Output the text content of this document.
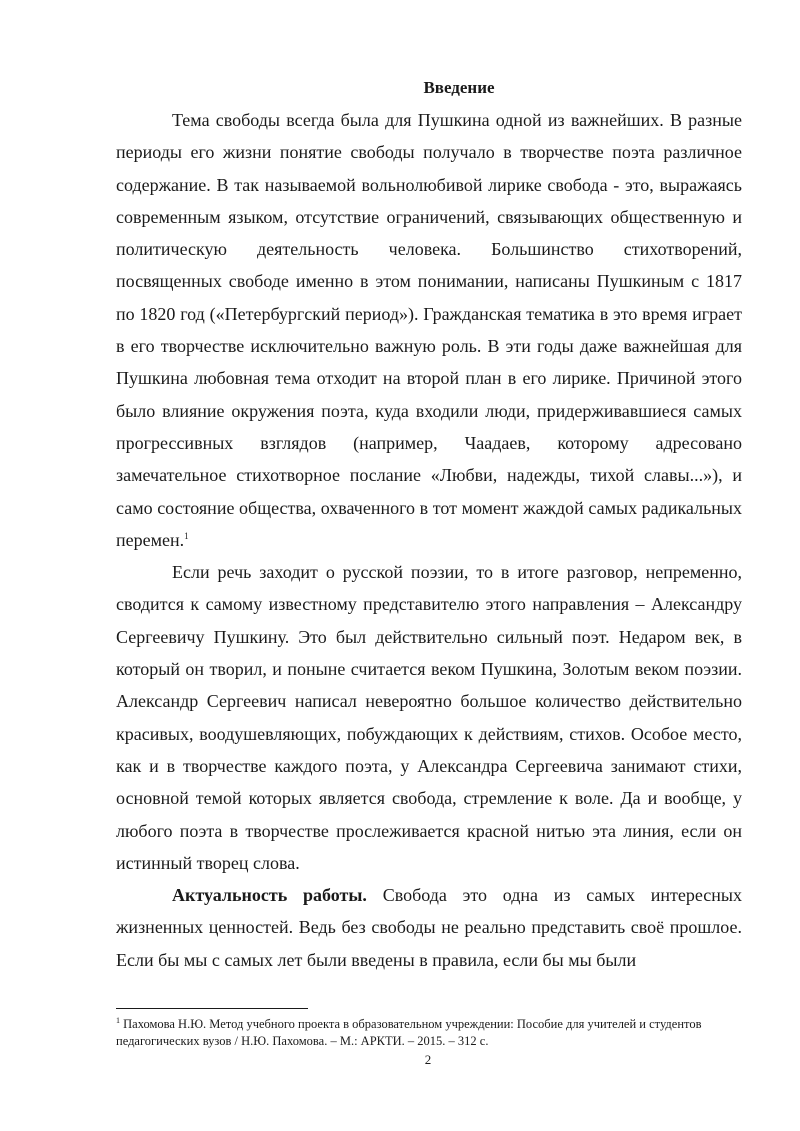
Введение

Тема свободы всегда была для Пушкина одной из важнейших. В разные периоды его жизни понятие свободы получало в творчестве поэта различное содержание. В так называемой вольнолюбивой лирике свобода - это, выражаясь современным языком, отсутствие ограничений, связывающих общественную и политическую деятельность человека. Большинство стихотворений, посвященных свободе именно в этом понимании, написаны Пушкиным с 1817 по 1820 год («Петербургский период»). Гражданская тематика в это время играет в его творчестве исключительно важную роль. В эти годы даже важнейшая для Пушкина любовная тема отходит на второй план в его лирике. Причиной этого было влияние окружения поэта, куда входили люди, придерживавшиеся самых прогрессивных взглядов (например, Чаадаев, которому адресовано замечательное стихотворное послание «Любви, надежды, тихой славы...»), и само состояние общества, охваченного в тот момент жаждой самых радикальных перемен.$^1$

Если речь заходит о русской поэзии, то в итоге разговор, непременно, сводится к самому известному представителю этого направления – Александру Сергеевичу Пушкину. Это был действительно сильный поэт. Недаром век, в который он творил, и поныне считается веком Пушкина, Золотым веком поэзии. Александр Сергеевич написал невероятно большое количество действительно красивых, воодушевляющих, побуждающих к действиям, стихов. Особое место, как и в творчестве каждого поэта, у Александра Сергеевича занимают стихи, основной темой которых является свобода, стремление к воле. Да и вообще, у любого поэта в творчестве прослеживается красной нитью эта линия, если он истинный творец слова.

Актуальность работы. Свобода это одна из самых интересных жизненных ценностей. Ведь без свободы не реально представить своё прошлое. Если бы мы с самых лет были введены в правила, если бы мы были

$^1$ Пахомова Н.Ю. Метод учебного проекта в образовательном учреждении: Пособие для учителей и студентов педагогических вузов / Н.Ю. Пахомова. – М.: АРКТИ. – 2015. – 312 с.
2
